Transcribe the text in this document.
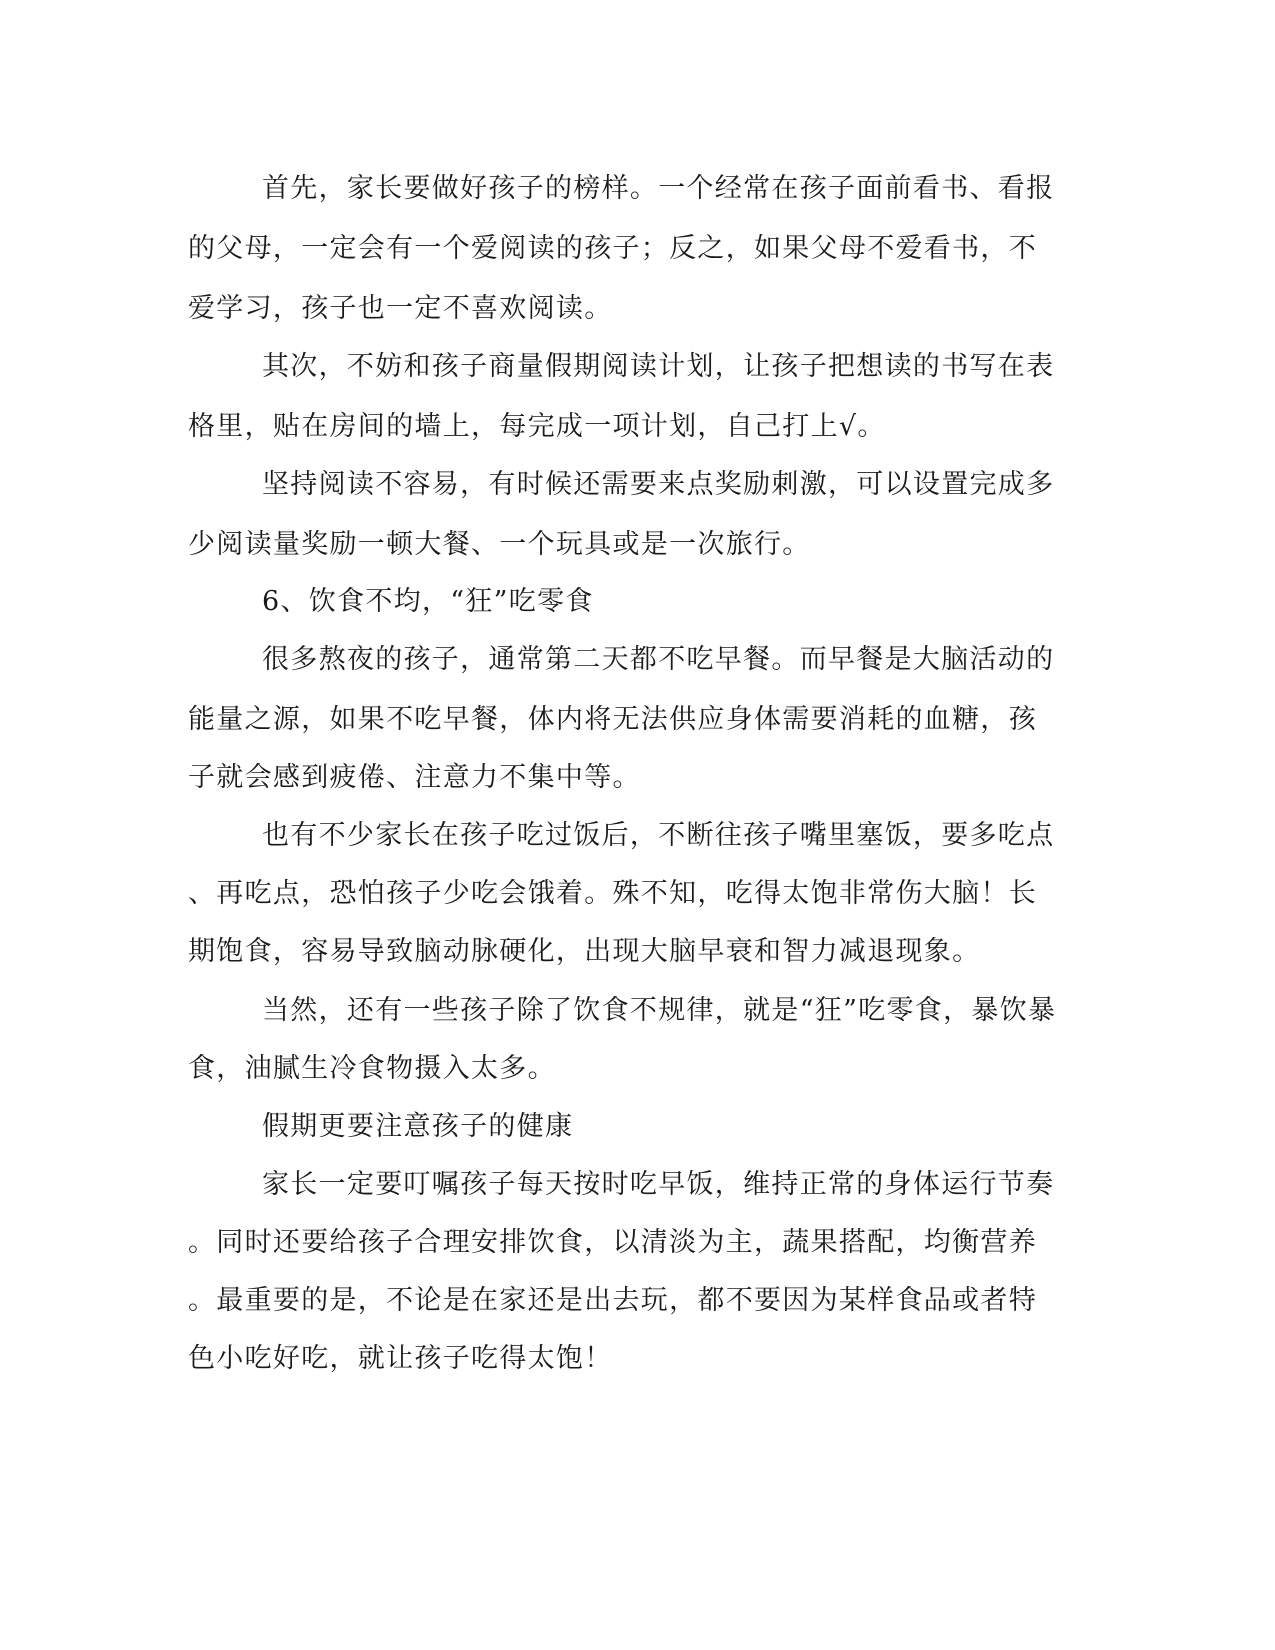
首先，家长要做好孩子的榜样。一个经常在孩子面前看书、看报
的父母，一定会有一个爱阅读的孩子；反之，如果父母不爱看书，不
爱学习，孩子也一定不喜欢阅读。
其次，不妨和孩子商量假期阅读计划，让孩子把想读的书写在表
格里，贴在房间的墙上，每完成一项计划，自己打上√。
坚持阅读不容易，有时候还需要来点奖励刺激，可以设置完成多
少阅读量奖励一顿大餐、一个玩具或是一次旅行。
6、饮食不均，“狂”吃零食
很多熬夜的孩子，通常第二天都不吃早餐。而早餐是大脑活动的
能量之源，如果不吃早餐，体内将无法供应身体需要消耗的血糖，孩
子就会感到疲倦、注意力不集中等。
也有不少家长在孩子吃过饭后，不断往孩子嘴里塞饭，要多吃点
、再吃点，恐怕孩子少吃会饿着。殊不知，吃得太饱非常伤大脑！长
期饱食，容易导致脑动脉硬化，出现大脑早衰和智力减退现象。
当然，还有一些孩子除了饮食不规律，就是“狂”吃零食，暴饮暴
食，油腻生冷食物摄入太多。
假期更要注意孩子的健康
家长一定要叮嘱孩子每天按时吃早饭，维持正常的身体运行节奏
。同时还要给孩子合理安排饮食，以清淡为主，蔬果搭配，均衡营养
。最重要的是，不论是在家还是出去玩，都不要因为某样食品或者特
色小吃好吃，就让孩子吃得太饱！
